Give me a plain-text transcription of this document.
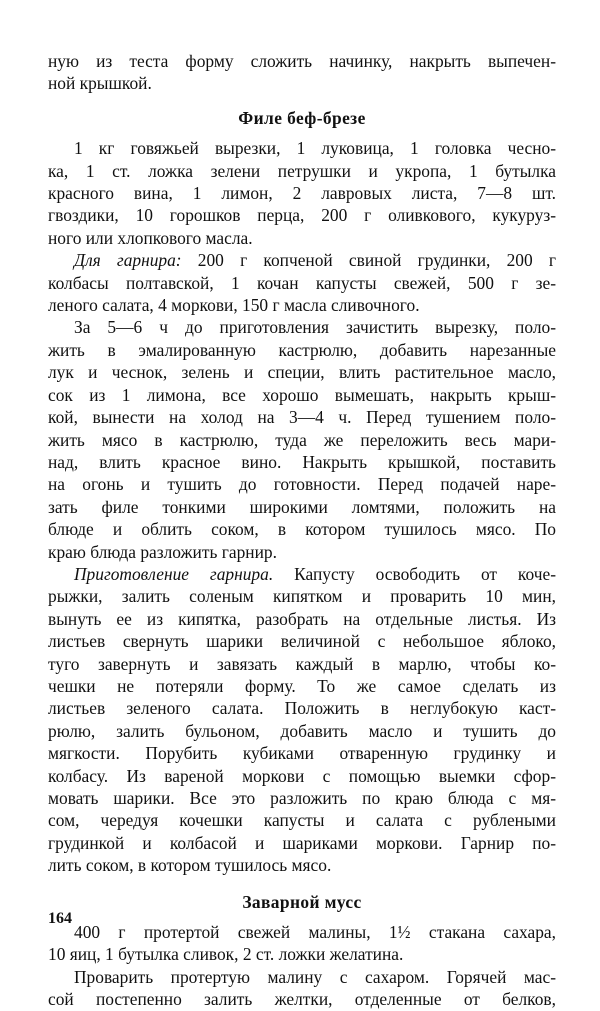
ную из теста форму сложить начинку, накрыть выпечен-
ной крышкой.

Филе беф-брезе

1 кг говяжьей вырезки, 1 луковица, 1 головка чесно-
ка, 1 ст. ложка зелени петрушки и укропа, 1 бутылка
красного вина, 1 лимон, 2 лавровых листа, 7—8 шт.
гвоздики, 10 горошков перца, 200 г оливкового, кукуруз-
ного или хлопкового масла.

Для гарнира: 200 г копченой свиной грудинки, 200 г
колбасы полтавской, 1 кочан капусты свежей, 500 г зе-
леного салата, 4 моркови, 150 г масла сливочного.

За 5—6 ч до приготовления зачистить вырезку, поло-
жить в эмалированную кастрюлю, добавить нарезанные
лук и чеснок, зелень и специи, влить растительное масло,
сок из 1 лимона, все хорошо вымешать, накрыть крыш-
кой, вынести на холод на 3—4 ч. Перед тушением поло-
жить мясо в кастрюлю, туда же переложить весь мари-
над, влить красное вино. Накрыть крышкой, поставить
на огонь и тушить до готовности. Перед подачей наре-
зать филе тонкими широкими ломтями, положить на
блюде и облить соком, в котором тушилось мясо. По
краю блюда разложить гарнир.

Приготовление гарнира. Капусту освободить от коче-
рыжки, залить соленым кипятком и проварить 10 мин,
вынуть ее из кипятка, разобрать на отдельные листья. Из
листьев свернуть шарики величиной с небольшое яблоко,
туго завернуть и завязать каждый в марлю, чтобы ко-
чешки не потеряли форму. То же самое сделать из
листьев зеленого салата. Положить в неглубокую каст-
рюлю, залить бульоном, добавить масло и тушить до
мягкости. Порубить кубиками отваренную грудинку и
колбасу. Из вареной моркови с помощью выемки сфор-
мовать шарики. Все это разложить по краю блюда с мя-
сом, чередуя кочешки капусты и салата с рублеными
грудинкой и колбасой и шариками моркови. Гарнир по-
лить соком, в котором тушилось мясо.

Заварной мусс

400 г протертой свежей малины, 1½ стакана сахара,
10 яиц, 1 бутылка сливок, 2 ст. ложки желатина.

Проварить протертую малину с сахаром. Горячей мас-
сой постепенно залить желтки, отделенные от белков,

164
